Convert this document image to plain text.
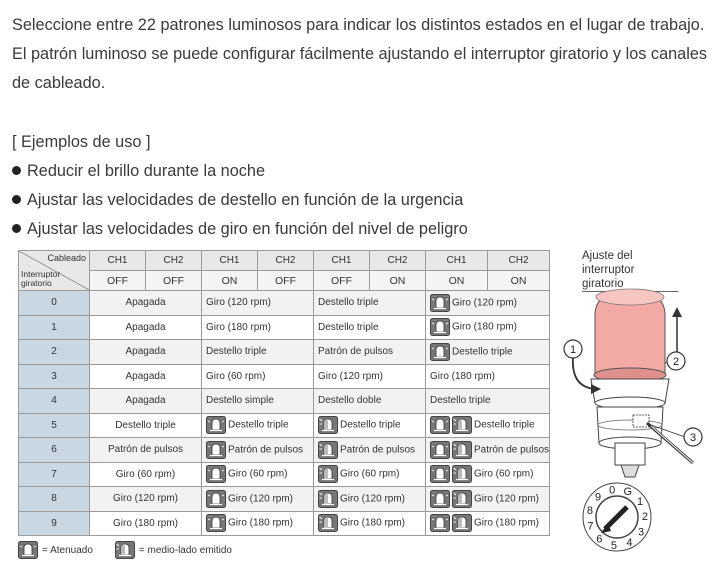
Seleccione entre 22 patrones luminosos para indicar los distintos estados en el lugar de trabajo.

El patrón luminoso se puede configurar fácilmente ajustando el interruptor giratorio y los canales de cableado.

[ Ejemplos de uso ]
Reducir el brillo durante la noche
Ajustar las velocidades de destello en función de la urgencia
Ajustar las velocidades de giro en función del nivel de peligro
Cableado
Interruptor giratorio	CH1	CH2	CH1	CH2	CH1	CH2	CH1	CH2
	OFF	OFF	ON	OFF	OFF	ON	ON	ON
0	Apagada		Giro (120 rpm)		Destello triple		Giro (120 rpm)	
1	Apagada		Giro (180 rpm)		Destello triple		Giro (180 rpm)	
2	Apagada		Destello triple		Patrón de pulsos		Destello triple	
3	Apagada		Giro (60 rpm)		Giro (120 rpm)		Giro (180 rpm)	
4	Apagada		Destello simple		Destello doble		Destello triple	
5	Destello triple		Destello triple		Destello triple		Destello triple	
6	Patrón de pulsos		Patrón de pulsos		Patrón de pulsos		Patrón de pulsos	
7	Giro (60 rpm)		Giro (60 rpm)		Giro (60 rpm)		Giro (60 rpm)	
8	Giro (120 rpm)		Giro (120 rpm)		Giro (120 rpm)		Giro (120 rpm)	
9	Giro (180 rpm)		Giro (180 rpm)		Giro (180 rpm)		Giro (180 rpm)	
= Atenuado	= medio-lado emitido
Ajuste del interruptor giratorio
1
2
3
0 G
1
2
3
4
5
6
7
8
9
